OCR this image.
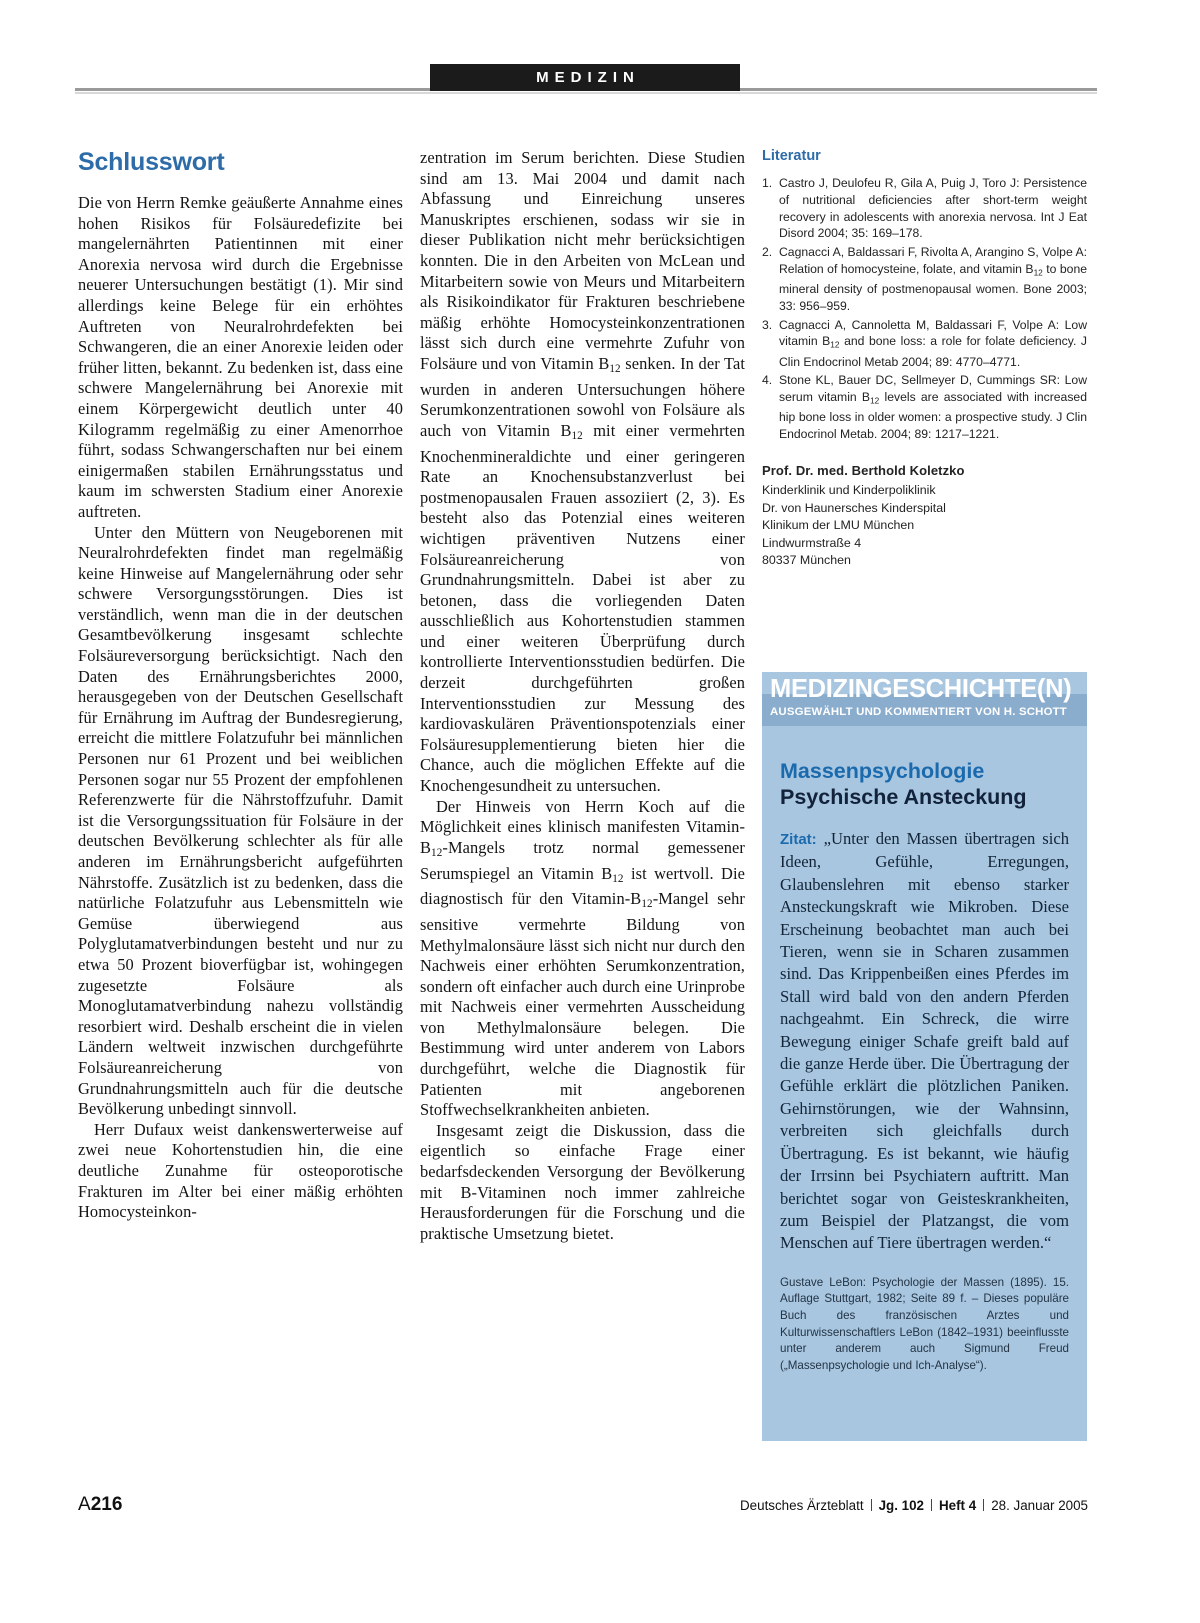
MEDIZIN
Schlusswort

Die von Herrn Remke geäußerte Annahme eines hohen Risikos für Folsäuredefizite bei mangelernährten Patientinnen mit einer Anorexia nervosa wird durch die Ergebnisse neuerer Untersuchungen bestätigt (1). Mir sind allerdings keine Belege für ein erhöhtes Auftreten von Neuralrohrdefekten bei Schwangeren, die an einer Anorexie leiden oder früher litten, bekannt. Zu bedenken ist, dass eine schwere Mangelernährung bei Anorexie mit einem Körpergewicht deutlich unter 40 Kilogramm regelmäßig zu einer Amenorrhoe führt, sodass Schwangerschaften nur bei einem einigermaßen stabilen Ernährungsstatus und kaum im schwersten Stadium einer Anorexie auftreten.

Unter den Müttern von Neugeborenen mit Neuralrohrdefekten findet man regelmäßig keine Hinweise auf Mangelernährung oder sehr schwere Versorgungsstörungen. Dies ist verständlich, wenn man die in der deutschen Gesamtbevölkerung insgesamt schlechte Folsäureversorgung berücksichtigt. Nach den Daten des Ernährungsberichtes 2000, herausgegeben von der Deutschen Gesellschaft für Ernährung im Auftrag der Bundesregierung, erreicht die mittlere Folatzufuhr bei männlichen Personen nur 61 Prozent und bei weiblichen Personen sogar nur 55 Prozent der empfohlenen Referenzwerte für die Nährstoffzufuhr. Damit ist die Versorgungssituation für Folsäure in der deutschen Bevölkerung schlechter als für alle anderen im Ernährungsbericht aufgeführten Nährstoffe. Zusätzlich ist zu bedenken, dass die natürliche Folatzufuhr aus Lebensmitteln wie Gemüse überwiegend aus Polyglutamatverbindungen besteht und nur zu etwa 50 Prozent bioverfügbar ist, wohingegen zugesetzte Folsäure als Monoglutamatverbindung nahezu vollständig resorbiert wird. Deshalb erscheint die in vielen Ländern weltweit inzwischen durchgeführte Folsäureanreicherung von Grundnahrungsmitteln auch für die deutsche Bevölkerung unbedingt sinnvoll.

Herr Dufaux weist dankenswerterweise auf zwei neue Kohortenstudien hin, die eine deutliche Zunahme für osteoporotische Frakturen im Alter bei einer mäßig erhöhten Homocysteinkon-

zentration im Serum berichten. Diese Studien sind am 13. Mai 2004 und damit nach Abfassung und Einreichung unseres Manuskriptes erschienen, sodass wir sie in dieser Publikation nicht mehr berücksichtigen konnten. Die in den Arbeiten von McLean und Mitarbeitern sowie von Meurs und Mitarbeitern als Risikoindikator für Frakturen beschriebene mäßig erhöhte Homocysteinkonzentrationen lässt sich durch eine vermehrte Zufuhr von Folsäure und von Vitamin $B_{12}$ senken. In der Tat wurden in anderen Untersuchungen höhere Serumkonzentrationen sowohl von Folsäure als auch von Vitamin $B_{12}$ mit einer vermehrten Knochenmineraldichte und einer geringeren Rate an Knochensubstanzverlust bei postmenopausalen Frauen assoziiert (2, 3). Es besteht also das Potenzial eines weiteren wichtigen präventiven Nutzens einer Folsäureanreicherung von Grundnahrungsmitteln. Dabei ist aber zu betonen, dass die vorliegenden Daten ausschließlich aus Kohortenstudien stammen und einer weiteren Überprüfung durch kontrollierte Interventionsstudien bedürfen. Die derzeit durchgeführten großen Interventionsstudien zur Messung des kardiovaskulären Präventionspotenzials einer Folsäuresupplementierung bieten hier die Chance, auch die möglichen Effekte auf die Knochengesundheit zu untersuchen.

Der Hinweis von Herrn Koch auf die Möglichkeit eines klinisch manifesten Vitamin-$B_{12}$-Mangels trotz normal gemessener Serumspiegel an Vitamin $B_{12}$ ist wertvoll. Die diagnostisch für den Vitamin-$B_{12}$-Mangel sehr sensitive vermehrte Bildung von Methylmalonsäure lässt sich nicht nur durch den Nachweis einer erhöhten Serumkonzentration, sondern oft einfacher auch durch eine Urinprobe mit Nachweis einer vermehrten Ausscheidung von Methylmalonsäure belegen. Die Bestimmung wird unter anderem von Labors durchgeführt, welche die Diagnostik für Patienten mit angeborenen Stoffwechselkrankheiten anbieten.

Insgesamt zeigt die Diskussion, dass die eigentlich so einfache Frage einer bedarfsdeckenden Versorgung der Bevölkerung mit B-Vitaminen noch immer zahlreiche Herausforderungen für die Forschung und die praktische Umsetzung bietet.

Literatur
1. Castro J, Deulofeu R, Gila A, Puig J, Toro J: Persistence of nutritional deficiencies after short-term weight recovery in adolescents with anorexia nervosa. Int J Eat Disord 2004; 35: 169–178.
2. Cagnacci A, Baldassari F, Rivolta A, Arangino S, Volpe A: Relation of homocysteine, folate, and vitamin $B_{12}$ to bone mineral density of postmenopausal women. Bone 2003; 33: 956–959.
3. Cagnacci A, Cannoletta M, Baldassari F, Volpe A: Low vitamin $B_{12}$ and bone loss: a role for folate deficiency. J Clin Endocrinol Metab 2004; 89: 4770–4771.
4. Stone KL, Bauer DC, Sellmeyer D, Cummings SR: Low serum vitamin $B_{12}$ levels are associated with increased hip bone loss in older women: a prospective study. J Clin Endocrinol Metab. 2004; 89: 1217–1221.
Prof. Dr. med. Berthold Koletzko
Kinderklinik und Kinderpoliklinik
Dr. von Haunersches Kinderspital
Klinikum der LMU München
Lindwurmstraße 4
80337 München
MEDIZINGESCHICHTE(N)
AUSGEWÄHLT UND KOMMENTIERT VON H. SCHOTT
Massenpsychologie
Psychische Ansteckung

Zitat: „Unter den Massen übertragen sich Ideen, Gefühle, Erregungen, Glaubenslehren mit ebenso starker Ansteckungskraft wie Mikroben. Diese Erscheinung beobachtet man auch bei Tieren, wenn sie in Scharen zusammen sind. Das Krippenbeißen eines Pferdes im Stall wird bald von den andern Pferden nachgeahmt. Ein Schreck, die wirre Bewegung einiger Schafe greift bald auf die ganze Herde über. Die Übertragung der Gefühle erklärt die plötzlichen Paniken. Gehirnstörungen, wie der Wahnsinn, verbreiten sich gleichfalls durch Übertragung. Es ist bekannt, wie häufig der Irrsinn bei Psychiatern auftritt. Man berichtet sogar von Geisteskrankheiten, zum Beispiel der Platzangst, die vom Menschen auf Tiere übertragen werden.“

Gustave LeBon: Psychologie der Massen (1895). 15. Auflage Stuttgart, 1982; Seite 89 f. – Dieses populäre Buch des französischen Arztes und Kulturwissenschaftlers LeBon (1842–1931) beeinflusste unter anderem auch Sigmund Freud („Massenpsychologie und Ich-Analyse“).

A216	Deutsches Ärzteblatt Jg. 102 Heft 4 28. Januar 2005
